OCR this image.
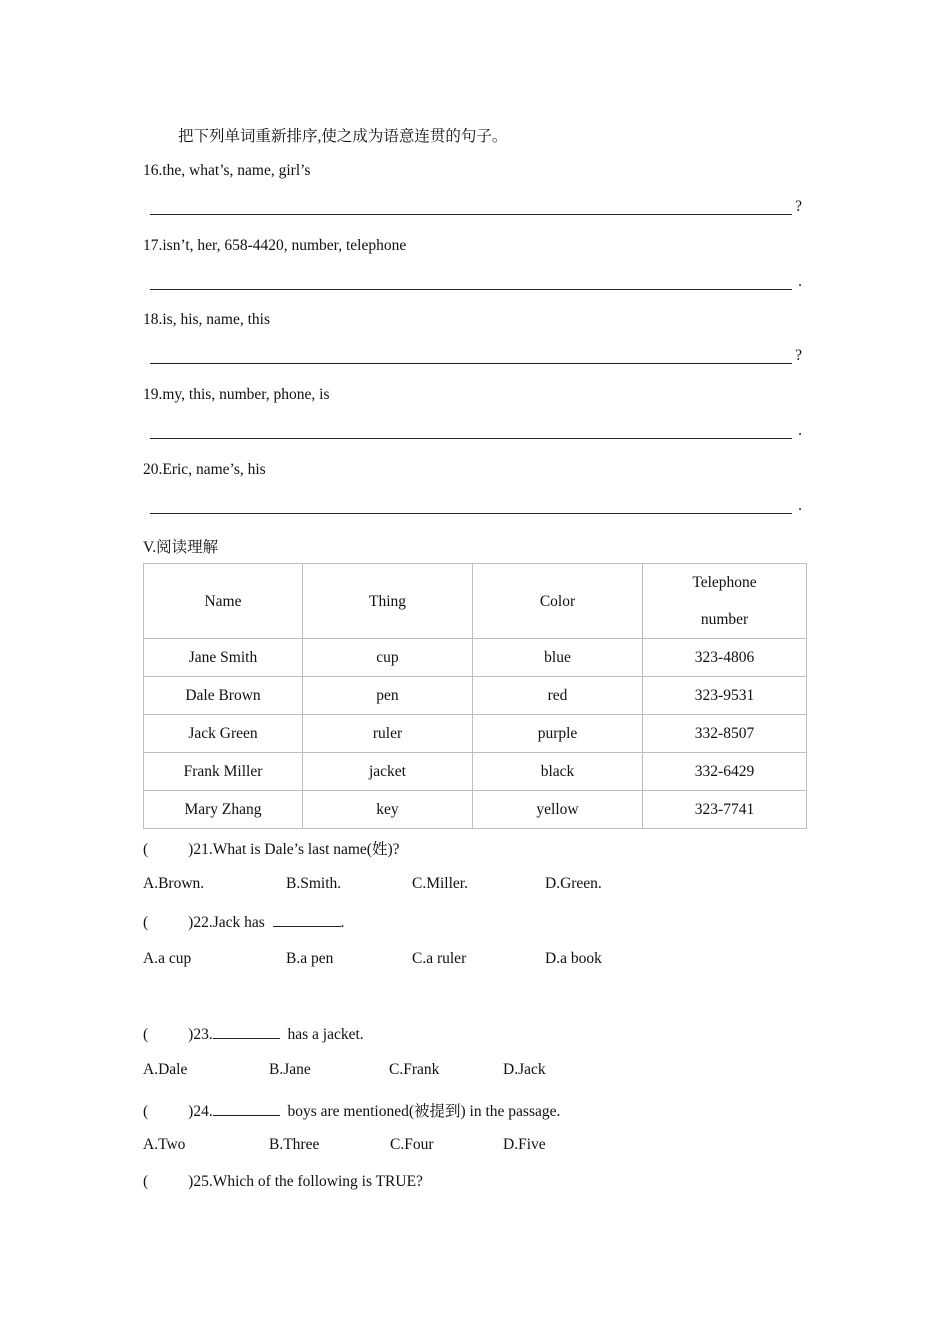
把下列单词重新排序,使之成为语意连贯的句子。
16.the, what’s, name, girl’s
?
17.isn’t, her, 658-4420, number, telephone
.
18.is, his, name, this
?
19.my, this, number, phone, is
.
20.Eric, name’s, his
.
V.阅读理解
Name	Thing	Color	Telephone
number
Jane Smith	cup	blue	323-4806
Dale Brown	pen	red	323-9531
Jack Green	ruler	purple	332-8507
Frank Miller	jacket	black	332-6429
Mary Zhang	key	yellow	323-7741
(	)21.What is Dale’s last name(姓)?
A.Brown.	B.Smith.	C.Miller.	D.Green.
(	)22.Jack has	.
A.a cup	B.a pen	C.a ruler	D.a book
(	)23.	has a jacket.
A.Dale	B.Jane	C.Frank	D.Jack
(	)24.	boys are mentioned(被提到) in the passage.
A.Two	B.Three	C.Four	D.Five
(	)25.Which of the following is TRUE?
